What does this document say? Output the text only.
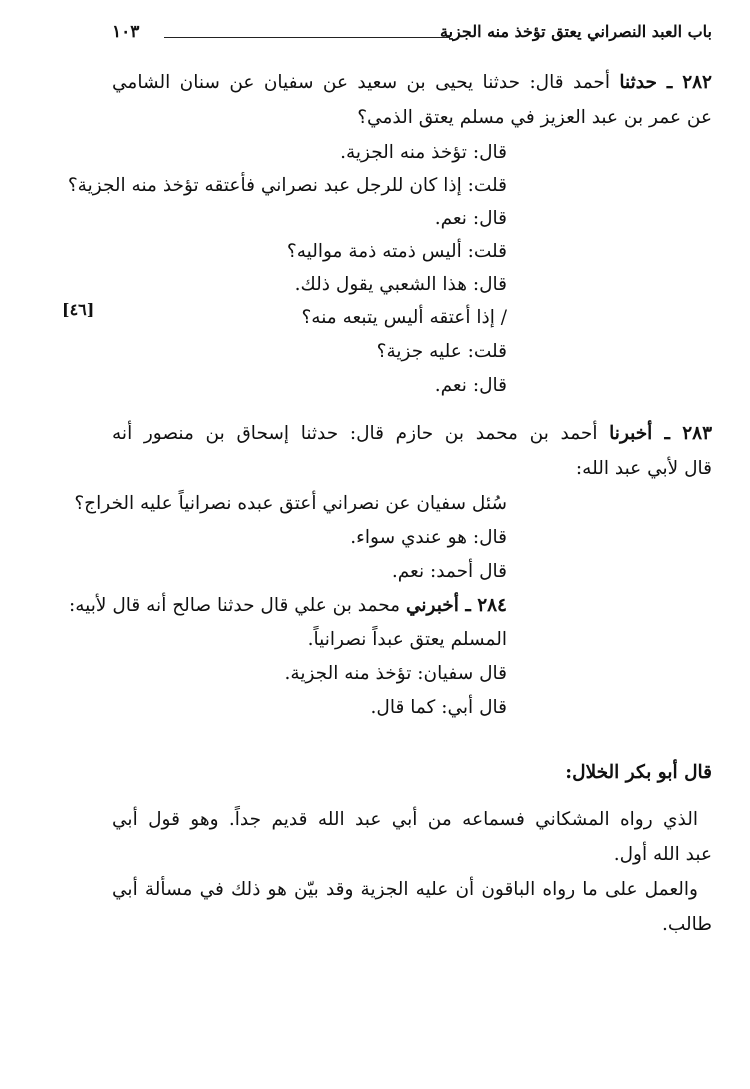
باب العبد النصراني يعتق تؤخذ منه الجزية
١٠٣
[٤٦]
٢٨٢ ـ حدثنا أحمد قال: حدثنا يحيى بن سعيد عن سفيان عن سنان الشامي
عن عمر بن عبد العزيز في مسلم يعتق الذمي؟
قال: تؤخذ منه الجزية.
قلت: إذا كان للرجل عبد نصراني فأعتقه تؤخذ منه الجزية؟
قال: نعم.
قلت: أليس ذمته ذمة مواليه؟
قال: هذا الشعبي يقول ذلك.
/ إذا أعتقه أليس يتبعه منه؟
قلت: عليه جزية؟
قال: نعم.
٢٨٣ ـ أخبرنا أحمد بن محمد بن حازم قال: حدثنا إسحاق بن منصور أنه
قال لأبي عبد الله:
سُئل سفيان عن نصراني أعتق عبده نصرانياً عليه الخراج؟
قال: هو عندي سواء.
قال أحمد: نعم.
٢٨٤ ـ أخبرني محمد بن علي قال حدثنا صالح أنه قال لأبيه:
المسلم يعتق عبداً نصرانياً.
قال سفيان: تؤخذ منه الجزية.
قال أبي: كما قال.
قال أبو بكر الخلال:
الذي رواه المشكاني فسماعه من أبي عبد الله قديم جداً. وهو قول أبي
عبد الله أول.
والعمل على ما رواه الباقون أن عليه الجزية وقد بيّن هو ذلك في مسألة أبي
طالب.
